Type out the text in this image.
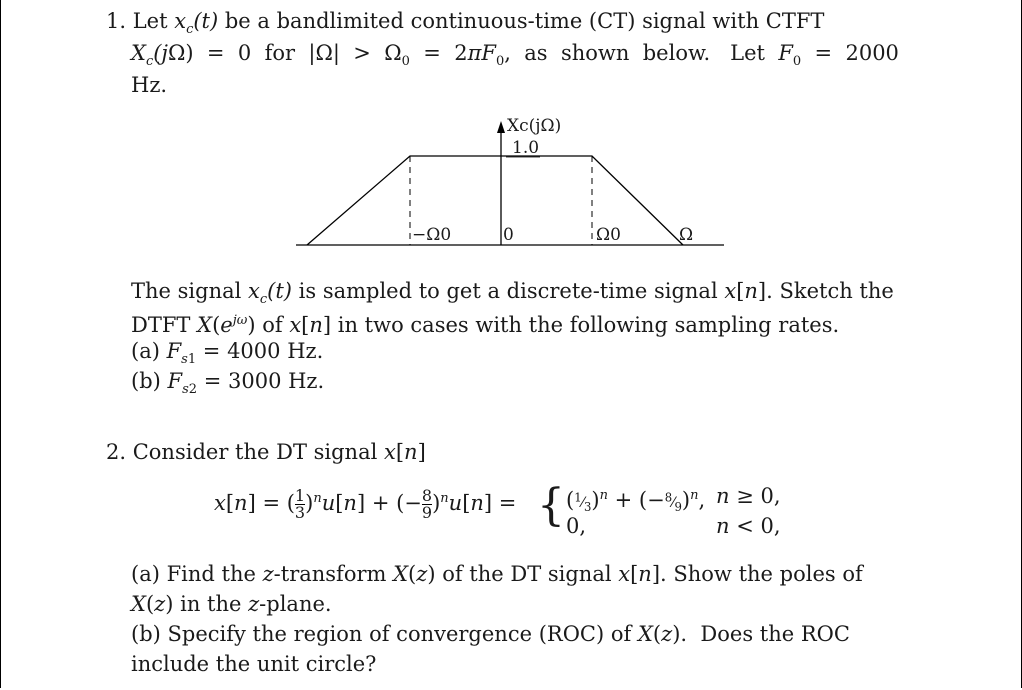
1. Let $x_c(t)$ be a bandlimited continuous-time (CT) signal with CTFT
$X_c(j\Omega) = 0$  for  $|\Omega| > \Omega_0 = 2\pi F_0$,  as  shown  below.   Let  $F_0 = 2000$
Hz.
Xc(jΩ)
1.0
−Ω0	0	Ω0	Ω
The signal $x_c(t)$ is sampled to get a discrete-time signal x[n]. Sketch the
DTFT $X(e^{j\omega})$ of x[n] in two cases with the following sampling rates.
(a) $F_{s1} = 4000$ Hz.
(b) $F_{s2} = 3000$ Hz.
2. Consider the DT signal x[n]
x[n] = ( $\frac{1}{3} )^nu[n]$ + (− $\frac{8}{9} )^nu[n]$ = { $(^1⁄_3)^n$ + $(-^8⁄_9)^n$, n ≥ 0,
0,	n < 0,
(a) Find the z-transform X(z) of the DT signal x[n]. Show the poles of
X(z) in the z-plane.
(b) Specify the region of convergence (ROC) of X(z).  Does the ROC
include the unit circle?
